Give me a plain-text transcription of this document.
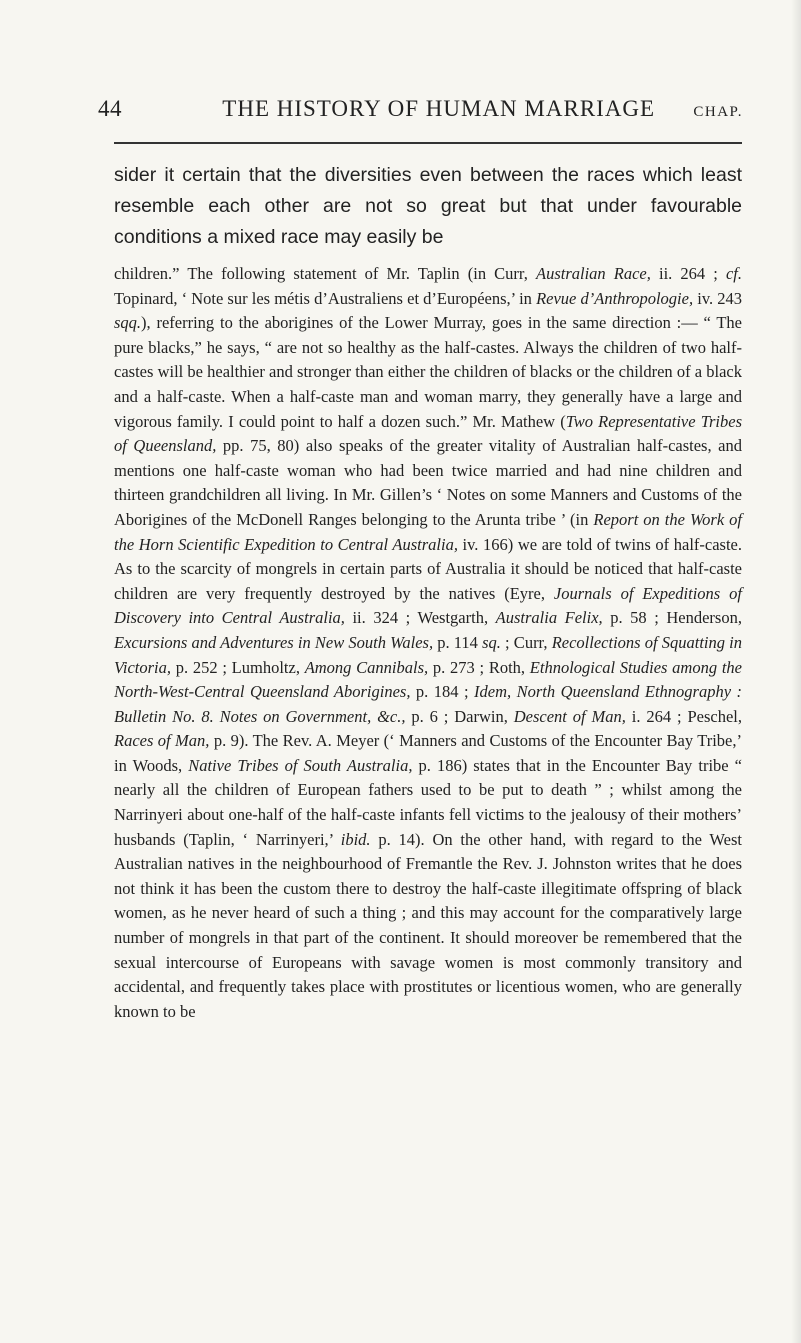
44	THE HISTORY OF HUMAN MARRIAGE	CHAP.

sider it certain that the diversities even between the races which least resemble each other are not so great but that under favourable conditions a mixed race may easily be

children.” The following statement of Mr. Taplin (in Curr, Australian Race, ii. 264 ; cf. Topinard, ‘ Note sur les métis d’Australiens et d’Européens,’ in Revue d’Anthropologie, iv. 243 sqq.), referring to the aborigines of the Lower Murray, goes in the same direction :— “ The pure blacks,” he says, “ are not so healthy as the half-castes. Always the children of two half-castes will be healthier and stronger than either the children of blacks or the children of a black and a half-caste. When a half-caste man and woman marry, they generally have a large and vigorous family. I could point to half a dozen such.” Mr. Mathew (Two Representative Tribes of Queensland, pp. 75, 80) also speaks of the greater vitality of Australian half-castes, and mentions one half-caste woman who had been twice married and had nine children and thirteen grandchildren all living. In Mr. Gillen’s ‘ Notes on some Manners and Customs of the Aborigines of the McDonell Ranges belonging to the Arunta tribe ’ (in Report on the Work of the Horn Scientific Expedition to Central Australia, iv. 166) we are told of twins of half-caste. As to the scarcity of mongrels in certain parts of Australia it should be noticed that half-caste children are very frequently destroyed by the natives (Eyre, Journals of Expeditions of Discovery into Central Australia, ii. 324 ; Westgarth, Australia Felix, p. 58 ; Henderson, Excursions and Adventures in New South Wales, p. 114 sq. ; Curr, Recollections of Squatting in Victoria, p. 252 ; Lumholtz, Among Cannibals, p. 273 ; Roth, Ethnological Studies among the North-West-Central Queensland Aborigines, p. 184 ; Idem, North Queensland Ethnography : Bulletin No. 8. Notes on Government, &c., p. 6 ; Darwin, Descent of Man, i. 264 ; Peschel, Races of Man, p. 9). The Rev. A. Meyer (‘ Manners and Customs of the Encounter Bay Tribe,’ in Woods, Native Tribes of South Australia, p. 186) states that in the Encounter Bay tribe “ nearly all the children of European fathers used to be put to death ” ; whilst among the Narrinyeri about one-half of the half-caste infants fell victims to the jealousy of their mothers’ husbands (Taplin, ‘ Narrinyeri,’ ibid. p. 14). On the other hand, with regard to the West Australian natives in the neighbourhood of Fremantle the Rev. J. Johnston writes that he does not think it has been the custom there to destroy the half-caste illegitimate offspring of black women, as he never heard of such a thing ; and this may account for the comparatively large number of mongrels in that part of the continent. It should moreover be remembered that the sexual intercourse of Europeans with savage women is most commonly transitory and accidental, and frequently takes place with prostitutes or licentious women, who are generally known to be
